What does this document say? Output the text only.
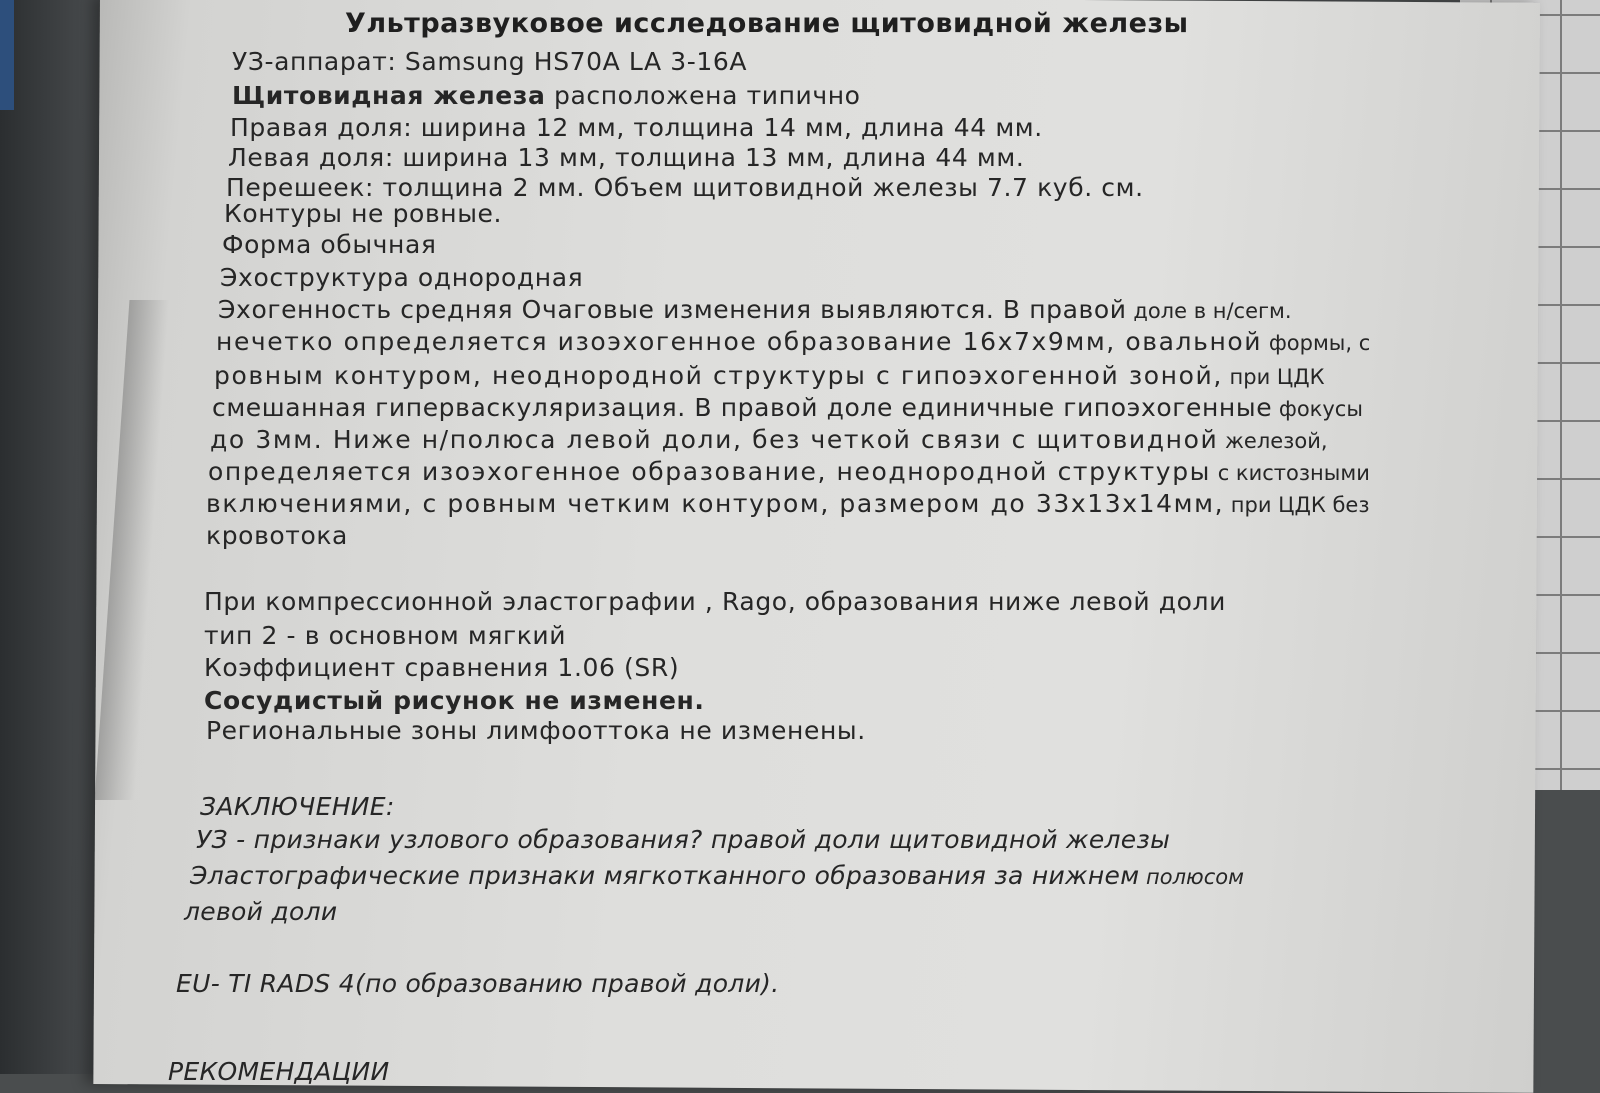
Ультразвуковое исследование щитовидной железы
УЗ-аппарат: Samsung HS70A LA 3-16A
Щитовидная железа расположена типично
Правая доля: ширина 12 мм, толщина 14 мм, длина 44 мм.
Левая доля: ширина 13 мм, толщина 13 мм, длина 44 мм.
Перешеек: толщина 2 мм. Объем щитовидной железы 7.7 куб. см.
Контуры не ровные.
Форма обычная
Эхоструктура однородная
Эхогенность средняя Очаговые изменения выявляются. В правой доле в н/сегм.
нечетко определяется изоэхогенное образование 16х7х9мм, овальной формы, с
ровным контуром, неоднородной структуры с гипоэхогенной зоной, при ЦДК
смешанная гиперваскуляризация. В правой доле единичные гипоэхогенные фокусы
до 3мм. Ниже н/полюса левой доли, без четкой связи с щитовидной железой,
определяется изоэхогенное образование, неоднородной структуры с кистозными
включениями, с ровным четким контуром, размером до 33х13х14мм, при ЦДК без
кровотока
При компрессионной эластографии , Rago, образования ниже левой доли
тип 2 - в основном мягкий
Коэффициент сравнения 1.06 (SR)
Сосудистый рисунок не изменен.
Региональные зоны лимфооттока не изменены.
ЗАКЛЮЧЕНИЕ:
УЗ - признаки узлового образования? правой доли щитовидной железы
Эластографические признаки мягкотканного образования за нижнем полюсом
левой доли
EU- TI RADS 4(по образованию правой доли).
РЕКОМЕНДАЦИИ
